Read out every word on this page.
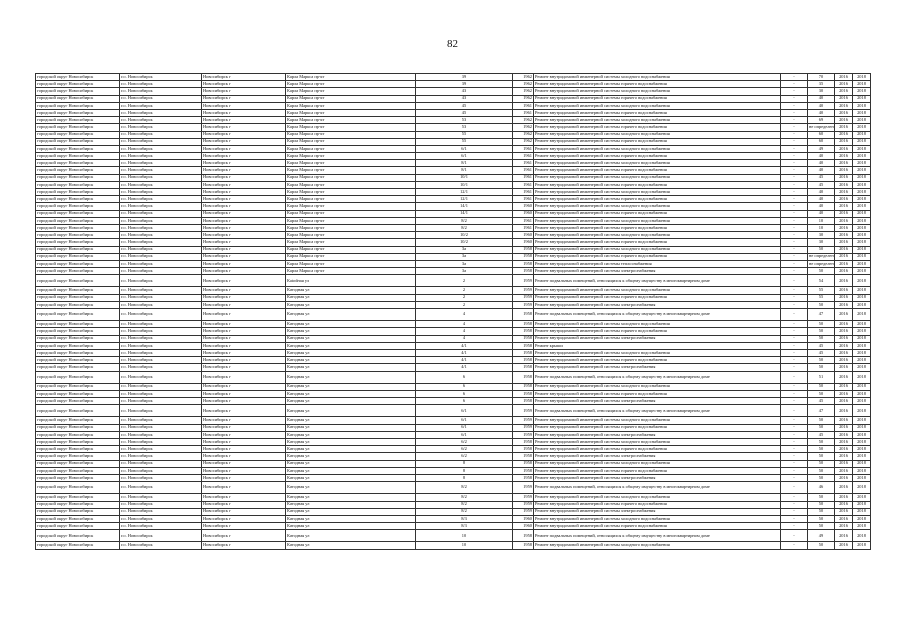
82
городской округ Новосибирск	г.о. Новосибирск	Новосибирск г	Карла Маркса пр-кт	39	1962	Ремонт внутридомовой инженерной системы холодного водоснабжения	-	70	2016	2018
городской округ Новосибирск	г.о. Новосибирск	Новосибирск г	Карла Маркса пр-кт	39	1962	Ремонт внутридомовой инженерной системы горячего водоснабжения	-	35	2016	2018
городской округ Новосибирск	г.о. Новосибирск	Новосибирск г	Карла Маркса пр-кт	43	1962	Ремонт внутридомовой инженерной системы холодного водоснабжения	-	30	2016	2018
городской округ Новосибирск	г.о. Новосибирск	Новосибирск г	Карла Маркса пр-кт	43	1962	Ремонт внутридомовой инженерной системы горячего водоснабжения	-	40	2016	2018
городской округ Новосибирск	г.о. Новосибирск	Новосибирск г	Карла Маркса пр-кт	45	1961	Ремонт внутридомовой инженерной системы холодного водоснабжения	-	40	2016	2018
городской округ Новосибирск	г.о. Новосибирск	Новосибирск г	Карла Маркса пр-кт	45	1961	Ремонт внутридомовой инженерной системы горячего водоснабжения	-	40	2016	2018
городской округ Новосибирск	г.о. Новосибирск	Новосибирск г	Карла Маркса пр-кт	53	1962	Ремонт внутридомовой инженерной системы холодного водоснабжения	-	69	2016	2018
городской округ Новосибирск	г.о. Новосибирск	Новосибирск г	Карла Маркса пр-кт	53	1962	Ремонт внутридомовой инженерной системы горячего водоснабжения	-	не определен	2016	2018
городской округ Новосибирск	г.о. Новосибирск	Новосибирск г	Карла Маркса пр-кт	55	1962	Ремонт внутридомовой инженерной системы холодного водоснабжения	-	60	2016	2018
городской округ Новосибирск	г.о. Новосибирск	Новосибирск г	Карла Маркса пр-кт	55	1962	Ремонт внутридомовой инженерной системы горячего водоснабжения	-	60	2016	2018
городской округ Новосибирск	г.о. Новосибирск	Новосибирск г	Карла Маркса пр-кт	6/1	1961	Ремонт внутридомовой инженерной системы холодного водоснабжения	-	49	2016	2018
городской округ Новосибирск	г.о. Новосибирск	Новосибирск г	Карла Маркса пр-кт	6/1	1961	Ремонт внутридомовой инженерной системы горячего водоснабжения	-	40	2016	2018
городской округ Новосибирск	г.о. Новосибирск	Новосибирск г	Карла Маркса пр-кт	8/1	1961	Ремонт внутридомовой инженерной системы холодного водоснабжения	-	40	2016	2018
городской округ Новосибирск	г.о. Новосибирск	Новосибирск г	Карла Маркса пр-кт	8/1	1961	Ремонт внутридомовой инженерной системы горячего водоснабжения	-	40	2016	2018
городской округ Новосибирск	г.о. Новосибирск	Новосибирск г	Карла Маркса пр-кт	10/1	1961	Ремонт внутридомовой инженерной системы холодного водоснабжения	-	45	2016	2018
городской округ Новосибирск	г.о. Новосибирск	Новосибирск г	Карла Маркса пр-кт	10/1	1961	Ремонт внутридомовой инженерной системы горячего водоснабжения	-	45	2016	2018
городской округ Новосибирск	г.о. Новосибирск	Новосибирск г	Карла Маркса пр-кт	12/1	1961	Ремонт внутридомовой инженерной системы холодного водоснабжения	-	40	2016	2018
городской округ Новосибирск	г.о. Новосибирск	Новосибирск г	Карла Маркса пр-кт	12/1	1961	Ремонт внутридомовой инженерной системы горячего водоснабжения	-	40	2016	2018
городской округ Новосибирск	г.о. Новосибирск	Новосибирск г	Карла Маркса пр-кт	14/1	1960	Ремонт внутридомовой инженерной системы холодного водоснабжения	-	40	2016	2018
городской округ Новосибирск	г.о. Новосибирск	Новосибирск г	Карла Маркса пр-кт	14/1	1960	Ремонт внутридомовой инженерной системы горячего водоснабжения	-	40	2016	2018
городской округ Новосибирск	г.о. Новосибирск	Новосибирск г	Карла Маркса пр-кт	8/2	1961	Ремонт внутридомовой инженерной системы холодного водоснабжения	-	10	2016	2018
городской округ Новосибирск	г.о. Новосибирск	Новосибирск г	Карла Маркса пр-кт	8/2	1961	Ремонт внутридомовой инженерной системы горячего водоснабжения	-	10	2016	2018
городской округ Новосибирск	г.о. Новосибирск	Новосибирск г	Карла Маркса пр-кт	10/2	1960	Ремонт внутридомовой инженерной системы холодного водоснабжения	-	30	2016	2018
городской округ Новосибирск	г.о. Новосибирск	Новосибирск г	Карла Маркса пр-кт	10/2	1960	Ремонт внутридомовой инженерной системы горячего водоснабжения	-	30	2016	2018
городской округ Новосибирск	г.о. Новосибирск	Новосибирск г	Карла Маркса пр-кт	3а	1958	Ремонт внутридомовой инженерной системы холодного водоснабжения	-	50	2016	2018
городской округ Новосибирск	г.о. Новосибирск	Новосибирск г	Карла Маркса пр-кт	3а	1958	Ремонт внутридомовой инженерной системы горячего водоснабжения	-	не определен	2016	2018
городской округ Новосибирск	г.о. Новосибирск	Новосибирск г	Карла Маркса пр-кт	3а	1958	Ремонт внутридомовой инженерной системы теплоснабжения	-	не определен	2016	2018
городской округ Новосибирск	г.о. Новосибирск	Новосибирск г	Карла Маркса пр-кт	3а	1958	Ремонт внутридомовой инженерной системы электроснабжения	-	50	2016	2018
городской округ Новосибирск	г.о. Новосибирск	Новосибирск г	Каtodная ул	2	1959	Ремонт подвальных помещений, относящихся к общему имуществу в многоквартирном доме	-	54	2016	2018
городской округ Новосибирск	г.о. Новосибирск	Новосибирск г	Катодная ул	2	1959	Ремонт внутридомовой инженерной системы холодного водоснабжения	-	55	2016	2018
городской округ Новосибирск	г.о. Новосибирск	Новосибирск г	Катодная ул	2	1959	Ремонт внутридомовой инженерной системы горячего водоснабжения	-	55	2016	2018
городской округ Новосибирск	г.о. Новосибирск	Новосибирск г	Катодная ул	2	1959	Ремонт внутридомовой инженерной системы электроснабжения	-	50	2016	2018
городской округ Новосибирск	г.о. Новосибирск	Новосибирск г	Катодная ул	4	1958	Ремонт подвальных помещений, относящихся к общему имуществу в многоквартирном доме	-	47	2016	2018
городской округ Новосибирск	г.о. Новосибирск	Новосибирск г	Катодная ул	4	1958	Ремонт внутридомовой инженерной системы холодного водоснабжения	-	50	2016	2018
городской округ Новосибирск	г.о. Новосибирск	Новосибирск г	Катодная ул	4	1958	Ремонт внутридомовой инженерной системы горячего водоснабжения	-	50	2016	2018
городской округ Новосибирск	г.о. Новосибирск	Новосибирск г	Катодная ул	4	1958	Ремонт внутридомовой инженерной системы электроснабжения	-	50	2016	2018
городской округ Новосибирск	г.о. Новосибирск	Новосибирск г	Катодная ул	4/1	1958	Ремонт крыши	-	45	2016	2018
городской округ Новосибирск	г.о. Новосибирск	Новосибирск г	Катодная ул	4/1	1958	Ремонт внутридомовой инженерной системы холодного водоснабжения	-	45	2016	2018
городской округ Новосибирск	г.о. Новосибирск	Новосибирск г	Катодная ул	4/1	1958	Ремонт внутридомовой инженерной системы горячего водоснабжения	-	50	2016	2018
городской округ Новосибирск	г.о. Новосибирск	Новосибирск г	Катодная ул	4/1	1958	Ремонт внутридомовой инженерной системы электроснабжения	-	50	2016	2018
городской округ Новосибирск	г.о. Новосибирск	Новосибирск г	Катодная ул	6	1958	Ремонт подвальных помещений, относящихся к общему имуществу в многоквартирном доме	-	51	2016	2018
городской округ Новосибирск	г.о. Новосибирск	Новосибирск г	Катодная ул	6	1958	Ремонт внутридомовой инженерной системы холодного водоснабжения	-	50	2016	2018
городской округ Новосибирск	г.о. Новосибирск	Новосибирск г	Катодная ул	6	1958	Ремонт внутридомовой инженерной системы горячего водоснабжения	-	50	2016	2018
городской округ Новосибирск	г.о. Новосибирск	Новосибирск г	Катодная ул	6	1958	Ремонт внутридомовой инженерной системы электроснабжения	-	45	2016	2018
городской округ Новосибирск	г.о. Новосибирск	Новосибирск г	Катодная ул	6/1	1959	Ремонт подвальных помещений, относящихся к общему имуществу в многоквартирном доме	-	47	2016	2018
городской округ Новосибирск	г.о. Новосибирск	Новосибирск г	Катодная ул	6/1	1959	Ремонт внутридомовой инженерной системы холодного водоснабжения	-	50	2016	2018
городской округ Новосибирск	г.о. Новосибирск	Новосибирск г	Катодная ул	6/1	1959	Ремонт внутридомовой инженерной системы горячего водоснабжения	-	50	2016	2018
городской округ Новосибирск	г.о. Новосибирск	Новосибирск г	Катодная ул	6/1	1959	Ремонт внутридомовой инженерной системы электроснабжения	-	45	2016	2018
городской округ Новосибирск	г.о. Новосибирск	Новосибирск г	Катодная ул	6/2	1958	Ремонт внутридомовой инженерной системы холодного водоснабжения	-	50	2016	2018
городской округ Новосибирск	г.о. Новосибирск	Новосибирск г	Катодная ул	6/2	1958	Ремонт внутридомовой инженерной системы горячего водоснабжения	-	50	2016	2018
городской округ Новосибирск	г.о. Новосибирск	Новосибирск г	Катодная ул	6/2	1958	Ремонт внутридомовой инженерной системы электроснабжения	-	50	2016	2018
городской округ Новосибирск	г.о. Новосибирск	Новосибирск г	Катодная ул	8	1958	Ремонт внутридомовой инженерной системы холодного водоснабжения	-	50	2016	2018
городской округ Новосибирск	г.о. Новосибирск	Новосибирск г	Катодная ул	8	1958	Ремонт внутридомовой инженерной системы горячего водоснабжения	-	50	2016	2018
городской округ Новосибирск	г.о. Новосибирск	Новосибирск г	Катодная ул	8	1958	Ремонт внутридомовой инженерной системы электроснабжения	-	50	2016	2018
городской округ Новосибирск	г.о. Новосибирск	Новосибирск г	Катодная ул	8/2	1959	Ремонт подвальных помещений, относящихся к общему имуществу в многоквартирном доме	-	46	2016	2018
городской округ Новосибирск	г.о. Новосибирск	Новосибирск г	Катодная ул	8/2	1959	Ремонт внутридомовой инженерной системы холодного водоснабжения	-	50	2016	2018
городской округ Новосибирск	г.о. Новосибирск	Новосибирск г	Катодная ул	8/2	1959	Ремонт внутридомовой инженерной системы горячего водоснабжения	-	50	2016	2018
городской округ Новосибирск	г.о. Новосибирск	Новосибирск г	Катодная ул	8/2	1959	Ремонт внутридомовой инженерной системы электроснабжения	-	50	2016	2018
городской округ Новосибирск	г.о. Новосибирск	Новосибирск г	Катодная ул	8/3	1960	Ремонт внутридомовой инженерной системы холодного водоснабжения	-	50	2016	2018
городской округ Новосибирск	г.о. Новосибирск	Новосибирск г	Катодная ул	8/3	1960	Ремонт внутридомовой инженерной системы горячего водоснабжения	-	50	2016	2018
городской округ Новосибирск	г.о. Новосибирск	Новосибирск г	Катодная ул	10	1958	Ремонт подвальных помещений, относящихся к общему имуществу в многоквартирном доме	-	49	2016	2018
городской округ Новосибирск	г.о. Новосибирск	Новосибирск г	Катодная ул	10	1958	Ремонт внутридомовой инженерной системы холодного водоснабжения	-	50	2016	2018
